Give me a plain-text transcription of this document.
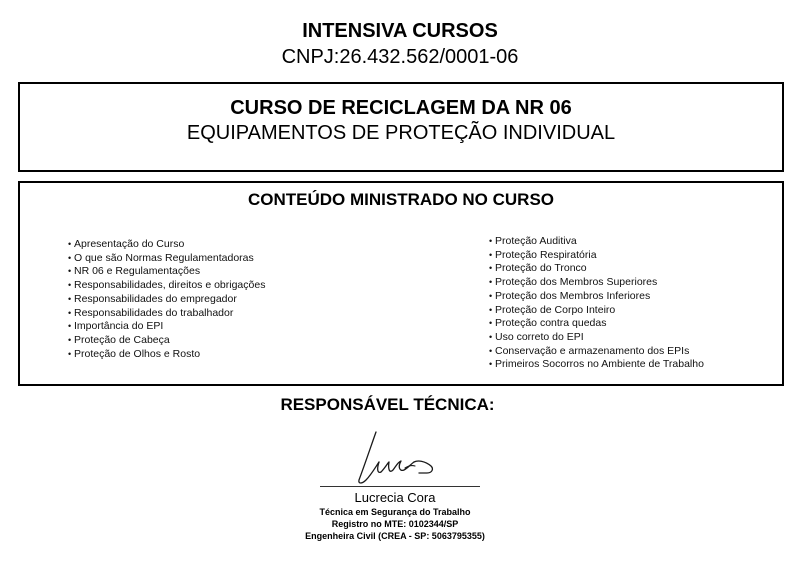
INTENSIVA CURSOS
CNPJ:26.432.562/0001-06
CURSO DE RECICLAGEM DA NR 06
EQUIPAMENTOS DE PROTEÇÃO INDIVIDUAL
CONTEÚDO MINISTRADO NO CURSO
• Apresentação do Curso
• O que são Normas Regulamentadoras
• NR 06 e Regulamentações
• Responsabilidades, direitos e obrigações
• Responsabilidades do empregador
• Responsabilidades do trabalhador
• Importância do EPI
• Proteção de Cabeça
• Proteção de Olhos e Rosto
• Proteção Auditiva
• Proteção Respiratória
• Proteção do Tronco
• Proteção dos Membros Superiores
• Proteção dos Membros Inferiores
• Proteção de Corpo Inteiro
• Proteção contra quedas
• Uso correto do EPI
• Conservação e armazenamento dos EPIs
• Primeiros Socorros no Ambiente de Trabalho
RESPONSÁVEL TÉCNICA:
Lucrecia Cora
Técnica em Segurança do Trabalho
Registro no MTE: 0102344/SP
Engenheira Civil (CREA - SP: 5063795355)
